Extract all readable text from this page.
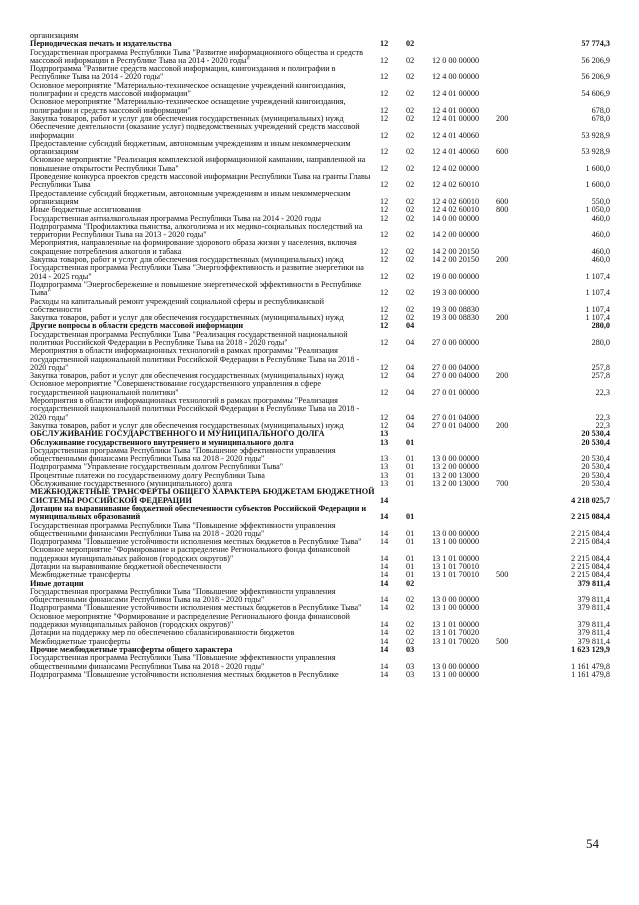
организациям
Периодическая печать и издательства	12	02	57 774,3
Государственная программа Республики Тыва "Развитие информационного общества и средств массовой информации в Республике Тыва на 2014 - 2020 годы"	12	02	12 0 00 00000	56 206,9
Подпрограмма "Развитие средств массовой информации, книгоиздания и полиграфии в Республике Тыва на 2014 - 2020 годы"	12	02	12 4 00 00000	56 206,9
Основное мероприятие "Материально-техническое оснащение учреждений книгоиздания, полиграфии и средств массовой информации"	12	02	12 4 01 00000	54 606,9
Основное мероприятие "Материально-техническое оснащение учреждений книгоиздания, полиграфии и средств массовой информации"	12	02	12 4 01 00000	678,0
Закупка товаров, работ и услуг для обеспечения государственных (муниципальных) нужд	12	02	12 4 01 00000	200	678,0
Обеспечение деятельности (оказание услуг) подведомственных учреждений средств массовой информации	12	02	12 4 01 40060	53 928,9
Предоставление субсидий бюджетным, автономным учреждениям и иным некоммерческим организациям	12	02	12 4 01 40060	600	53 928,9
Основное мероприятие "Реализация комплексной информационной кампании, направленной на повышение открытости Республики Тыва"	12	02	12 4 02 00000	1 600,0
Проведение конкурса проектов средств массовой информации Республики Тыва на гранты Главы Республики Тыва	12	02	12 4 02 60010	1 600,0
Предоставление субсидий бюджетным, автономным учреждениям и иным некоммерческим организациям	12	02	12 4 02 60010	600	550,0
Иные бюджетные ассигнования	12	02	12 4 02 60010	800	1 050,0
Государственная антиалкогольная программа Республики Тыва на 2014 - 2020 годы	12	02	14 0 00 00000	460,0
Подпрограмма "Профилактика пьянства, алкоголизма и их медико-социальных последствий на территории Республики Тыва на 2013 - 2020 годы"	12	02	14 2 00 00000	460,0
Мероприятия, направленные на формирование здорового образа жизни у населения, включая сокращение потребления алкоголя и табака	12	02	14 2 00 20150	460,0
Закупка товаров, работ и услуг для обеспечения государственных (муниципальных) нужд	12	02	14 2 00 20150	200	460,0
Государственная программа Республики Тыва "Энергоэффективность и развитие энергетики на 2014 - 2025 годы"	12	02	19 0 00 00000	1 107,4
Подпрограмма "Энергосбережение и повышение энергетической эффективности в Республике Тыва"	12	02	19 3 00 00000	1 107,4
Расходы на капитальный ремонт учреждений социальной сферы и республиканской собственности	12	02	19 3 00 08830	1 107,4
Закупка товаров, работ и услуг для обеспечения государственных (муниципальных) нужд	12	02	19 3 00 08830	200	1 107,4
Другие вопросы в области средств массовой информации	12	04	280,0
Государственная программа Республики Тыва "Реализация государственной национальной политики Российской Федерации в Республике Тыва на 2018 - 2020 годы"	12	04	27 0 00 00000	280,0
Мероприятия в области информационных технологий в рамках программы "Реализация государственной национальной политики Российской Федерации в Республике Тыва на 2018 - 2020 годы"	12	04	27 0 00 04000	257,8
Закупка товаров, работ и услуг для обеспечения государственных (муниципальных) нужд	12	04	27 0 00 04000	200	257,8
Основное мероприятие "Совершенствование государственного управления в сфере государственной национальной политики"	12	04	27 0 01 00000	22,3
Мероприятия в области информационных технологий в рамках программы "Реализация государственной национальной политики Российской Федерации в Республике Тыва на 2018 - 2020 годы"	12	04	27 0 01 04000	22,3
Закупка товаров, работ и услуг для обеспечения государственных (муниципальных) нужд	12	04	27 0 01 04000	200	22,3
ОБСЛУЖИВАНИЕ ГОСУДАРСТВЕННОГО И МУНИЦИПАЛЬНОГО ДОЛГА	13	20 530,4
Обслуживание государственного внутреннего и муниципального долга	13	01	20 530,4
Государственная программа Республики Тыва "Повышение эффективности управления общественными финансами Республики Тыва на 2018 - 2020 годы"	13	01	13 0 00 00000	20 530,4
Подпрограмма "Управление государственным долгом Республики Тыва"	13	01	13 2 00 00000	20 530,4
Процентные платежи по государственному долгу Республики Тыва	13	01	13 2 00 13000	20 530,4
Обслуживание государственного (муниципального) долга	13	01	13 2 00 13000	700	20 530,4
МЕЖБЮДЖЕТНЫЕ ТРАНСФЕРТЫ ОБЩЕГО ХАРАКТЕРА БЮДЖЕТАМ БЮДЖЕТНОЙ СИСТЕМЫ РОССИЙСКОЙ ФЕДЕРАЦИИ	14	4 218 025,7
Дотации на выравнивание бюджетной обеспеченности субъектов Российской Федерации и муниципальных образований	14	01	2 215 084,4
Государственная программа Республики Тыва "Повышение эффективности управления общественными финансами Республики Тыва на 2018 - 2020 годы"	14	01	13 0 00 00000	2 215 084,4
Подпрограмма "Повышение устойчивости исполнения местных бюджетов в Республике Тыва"	14	01	13 1 00 00000	2 215 084,4
Основное мероприятие "Формирование и распределение Регионального фонда финансовой поддержки муниципальных районов (городских округов)"	14	01	13 1 01 00000	2 215 084,4
Дотации на выравнивание бюджетной обеспеченности	14	01	13 1 01 70010	2 215 084,4
Межбюджетные трансферты	14	01	13 1 01 70010	500	2 215 084,4
Иные дотации	14	02	379 811,4
Государственная программа Республики Тыва "Повышение эффективности управления общественными финансами Республики Тыва на 2018 - 2020 годы"	14	02	13 0 00 00000	379 811,4
Подпрограмма "Повышение устойчивости исполнения местных бюджетов в Республике Тыва"	14	02	13 1 00 00000	379 811,4
Основное мероприятие "Формирование и распределение Регионального фонда финансовой поддержки муниципальных районов (городских округов)"	14	02	13 1 01 00000	379 811,4
Дотации на поддержку мер по обеспечению сбалансированности бюджетов	14	02	13 1 01 70020	379 811,4
Межбюджетные трансферты	14	02	13 1 01 70020	500	379 811,4
Прочие межбюджетные трансферты общего характера	14	03	1 623 129,9
Государственная программа Республики Тыва "Повышение эффективности управления общественными финансами Республики Тыва на 2018 - 2020 годы"	14	03	13 0 00 00000	1 161 479,8
Подпрограмма "Повышение устойчивости исполнения местных бюджетов в Республике	14	03	13 1 00 00000	1 161 479,8
54
